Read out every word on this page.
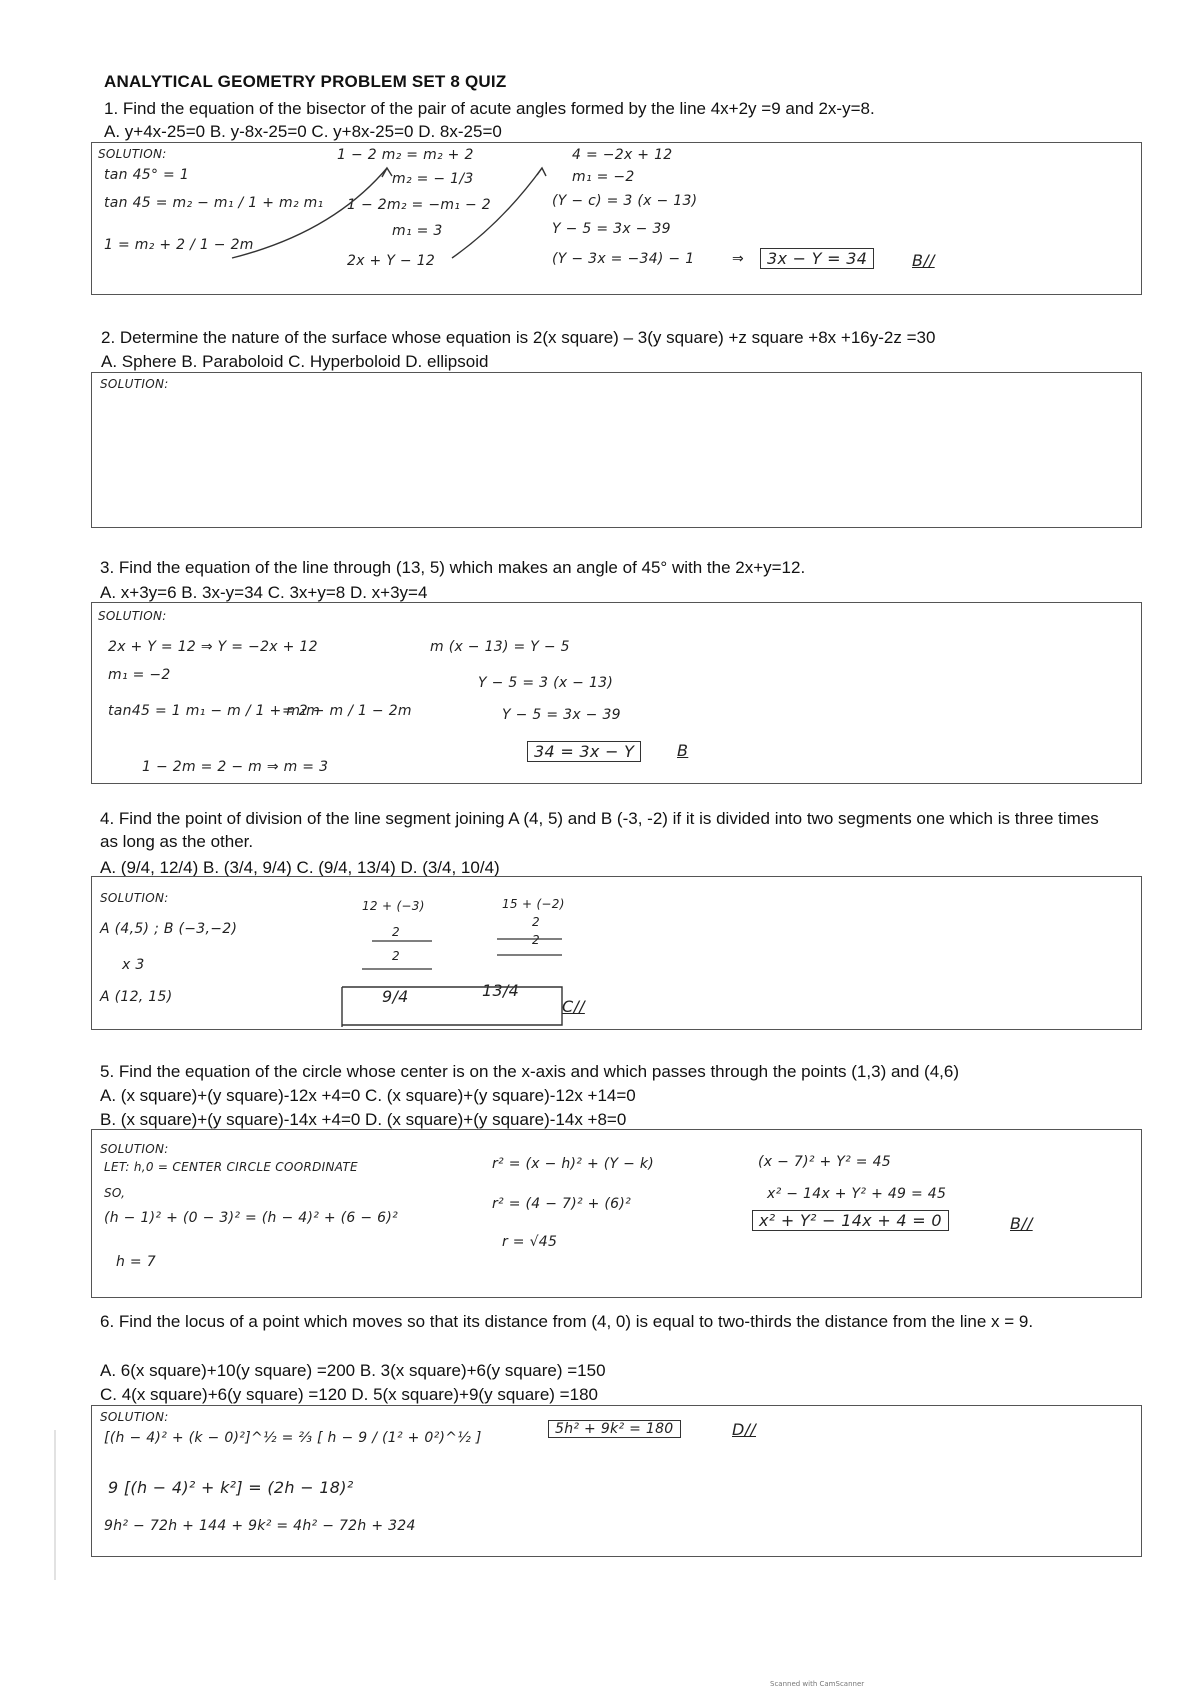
ANALYTICAL GEOMETRY PROBLEM SET 8 QUIZ
1. Find the equation of the bisector of the pair of acute angles formed by the line 4x+2y =9 and 2x-y=8.
A. y+4x-25=0 B. y-8x-25=0 C. y+8x-25=0 D. 8x-25=0
SOLUTION:
tan 45° = 1
tan 45 = m₂ − m₁ / 1 + m₂ m₁
1 = m₂ + 2 / 1 − 2m
1 − 2 m₂ = m₂ + 2
m₂ = − 1/3
1 − 2m₂ = −m₁ − 2
m₁ = 3
2x + Y − 12
4 = −2x + 12
m₁ = −2
(Y − c) = 3 (x − 13)
Y − 5 = 3x − 39
(Y − 3x = −34) − 1	⇒	3x − Y = 34	B//
2. Determine the nature of the surface whose equation is 2(x square) – 3(y square) +z square +8x +16y-2z =30
A. Sphere B. Paraboloid C. Hyperboloid D. ellipsoid
SOLUTION:
3. Find the equation of the line through (13, 5) which makes an angle of 45° with the 2x+y=12.
A. x+3y=6 B. 3x-y=34 C. 3x+y=8 D. x+3y=4
SOLUTION:
2x + Y = 12 ⇒ Y = −2x + 12
m₁ = −2
tan45 = 1 m₁ − m / 1 + m₁m
= 2 − m / 1 − 2m
1 − 2m = 2 − m ⇒ m = 3
m (x − 13) = Y − 5
Y − 5 = 3 (x − 13)
Y − 5 = 3x − 39
34 = 3x − Y	B
4. Find the point of division of the line segment joining A (4, 5) and B (-3, -2) if it is divided into two segments one which is three times as long as the other.
A. (9/4, 12/4) B. (3/4, 9/4) C. (9/4, 13/4) D. (3/4, 10/4)
SOLUTION:
A (4,5) ; B (−3,−2)
x 3
A (12, 15)
12 + (−3)
2
2
15 + (−2)
2
2
9/4	13/4
C//
5. Find the equation of the circle whose center is on the x-axis and which passes through the points (1,3) and (4,6)
A. (x square)+(y square)-12x +4=0 C. (x square)+(y square)-12x +14=0
B. (x square)+(y square)-14x +4=0 D. (x square)+(y square)-14x +8=0
SOLUTION:
LET: h,0 = CENTER CIRCLE COORDINATE
SO,
(h − 1)² + (0 − 3)² = (h − 4)² + (6 − 6)²
h = 7
r² = (x − h)² + (Y − k)
r² = (4 − 7)² + (6)²
r = √45
(x − 7)² + Y² = 45
x² − 14x + Y² + 49 = 45
x² + Y² − 14x + 4 = 0	B//
6. Find the locus of a point which moves so that its distance from (4, 0) is equal to two-thirds the distance from the line x = 9.
A. 6(x square)+10(y square) =200 B. 3(x square)+6(y square) =150
C. 4(x square)+6(y square) =120 D. 5(x square)+9(y square) =180
SOLUTION:
[(h − 4)² + (k − 0)²]^½ = ⅔ [ h − 9 / (1² + 0²)^½ ]
9 [(h − 4)² + k²] = (2h − 18)²
9h² − 72h + 144 + 9k² = 4h² − 72h + 324
5h² + 9k² = 180	D//
Scanned with CamScanner
